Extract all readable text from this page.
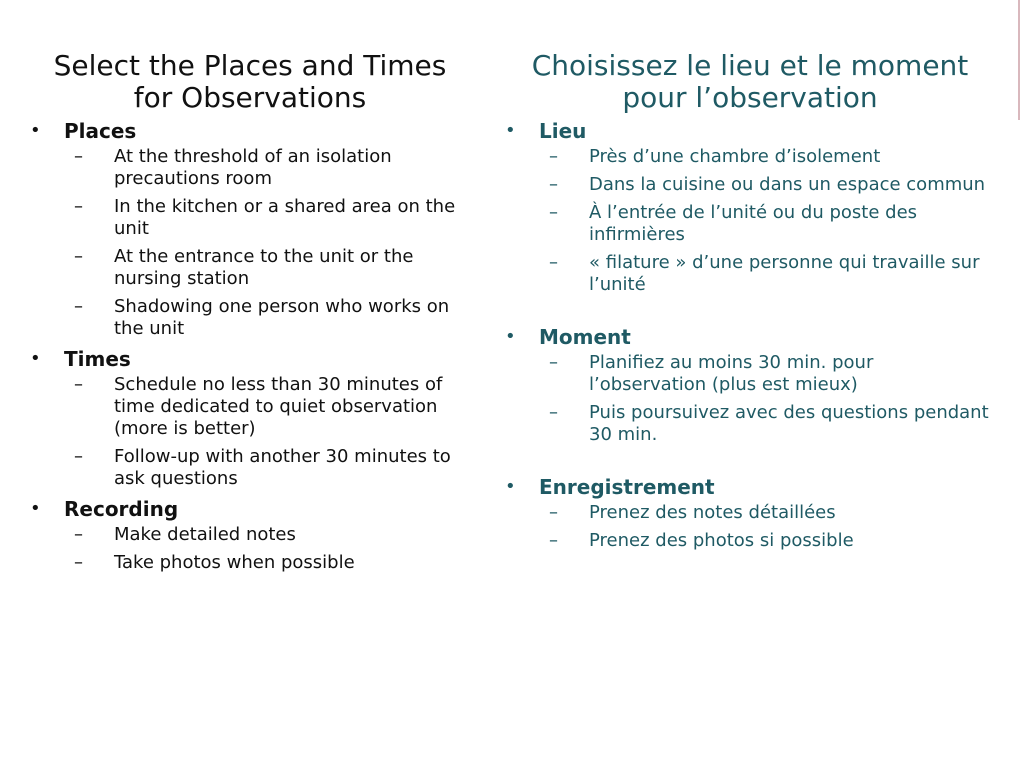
Select the Places and Times
for Observations
• Places
– At the threshold of an isolation precautions room
– In the kitchen or a shared area on the unit
– At the entrance to the unit or the nursing station
– Shadowing one person who works on the unit
• Times
– Schedule no less than 30 minutes of time dedicated to quiet observation (more is better)
– Follow-up with another 30 minutes to ask questions
• Recording
– Make detailed notes
– Take photos when possible
Choisissez le lieu et le moment
pour l’observation
• Lieu
– Près d’une chambre d’isolement
– Dans la cuisine ou dans un espace commun
– À l’entrée de l’unité ou du poste des infirmières
– « filature » d’une personne qui travaille sur l’unité
• Moment
– Planifiez au moins 30 min. pour l’observation (plus est mieux)
– Puis poursuivez avec des questions pendant 30 min.
• Enregistrement
– Prenez des notes détaillées
– Prenez des photos si possible
